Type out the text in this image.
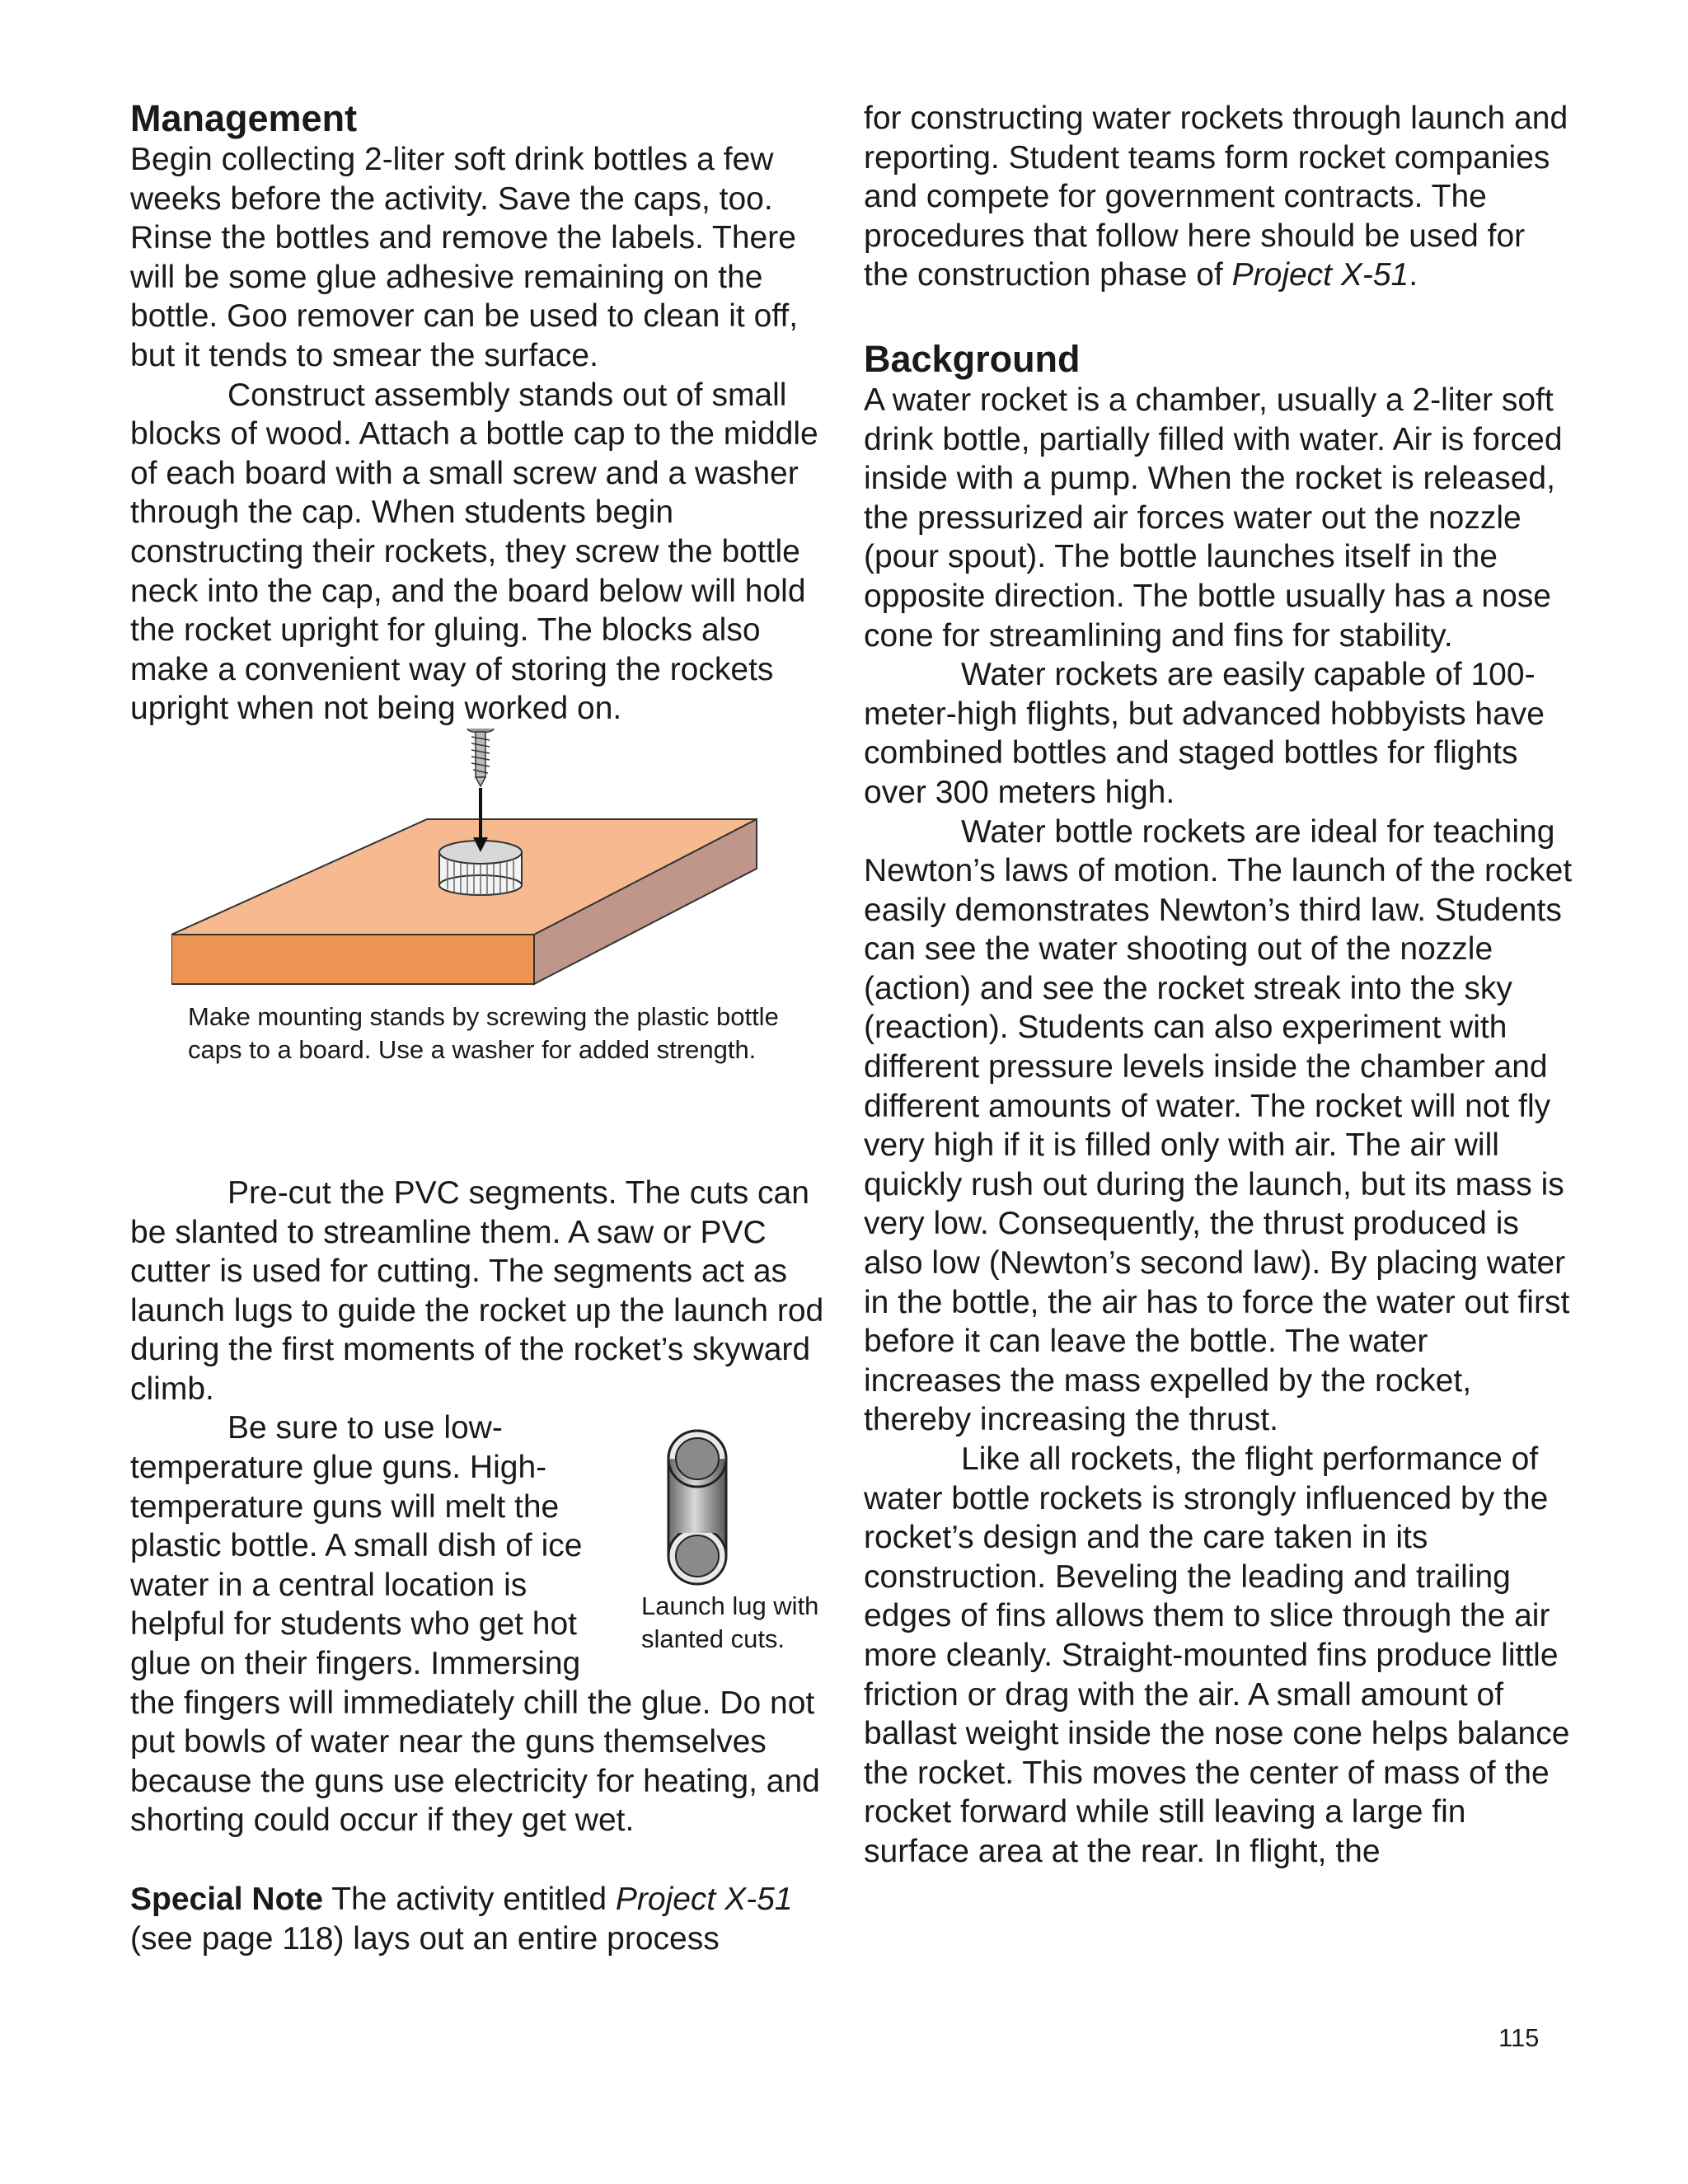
Management

Begin collecting 2-liter soft drink bottles a few weeks before the activity. Save the caps, too. Rinse the bottles and remove the labels. There will be some glue adhesive remaining on the bottle. Goo remover can be used to clean it off, but it tends to smear the surface.

Construct assembly stands out of small blocks of wood. Attach a bottle cap to the middle of each board with a small screw and a washer through the cap. When students begin constructing their rockets, they screw the bottle neck into the cap, and the board below will hold the rocket upright for gluing. The blocks also make a convenient way of storing the rockets upright when not being worked on.

Make mounting stands by screwing the plastic bottle caps to a board. Use a washer for added strength.

Pre-cut the PVC segments. The cuts can be slanted to streamline them. A saw or PVC cutter is used for cutting. The segments act as launch lugs to guide the rocket up the launch rod during the first moments of the rocket’s skyward climb.

Launch lug with slanted cuts.

Be sure to use low-temperature glue guns. High-temperature guns will melt the plastic bottle. A small dish of ice water in a central location is helpful for students who get hot glue on their fingers. Immersing the fingers will immediately chill the glue. Do not put bowls of water near the guns themselves because the guns use electricity for heating, and shorting could occur if they get wet.

Special Note The activity entitled Project X-51 (see page 118) lays out an entire process

for constructing water rockets through launch and reporting. Student teams form rocket companies and compete for government contracts. The procedures that follow here should be used for the construction phase of Project X-51.

Background

A water rocket is a chamber, usually a 2-liter soft drink bottle, partially filled with water. Air is forced inside with a pump. When the rocket is released, the pressurized air forces water out the nozzle (pour spout). The bottle launches itself in the opposite direction. The bottle usually has a nose cone for streamlining and fins for stability.

Water rockets are easily capable of 100-meter-high flights, but advanced hobbyists have combined bottles and staged bottles for flights over 300 meters high.

Water bottle rockets are ideal for teaching Newton’s laws of motion. The launch of the rocket easily demonstrates Newton’s third law. Students can see the water shooting out of the nozzle (action) and see the rocket streak into the sky (reaction). Students can also experiment with different pressure levels inside the chamber and different amounts of water. The rocket will not fly very high if it is filled only with air. The air will quickly rush out during the launch, but its mass is very low. Consequently, the thrust produced is also low (Newton’s second law). By placing water in the bottle, the air has to force the water out first before it can leave the bottle. The water increases the mass expelled by the rocket, thereby increasing the thrust.

Like all rockets, the flight performance of water bottle rockets is strongly influenced by the rocket’s design and the care taken in its construction. Beveling the leading and trailing edges of fins allows them to slice through the air more cleanly. Straight-mounted fins produce little friction or drag with the air. A small amount of ballast weight inside the nose cone helps balance the rocket. This moves the center of mass of the rocket forward while still leaving a large fin surface area at the rear. In flight, the

115
